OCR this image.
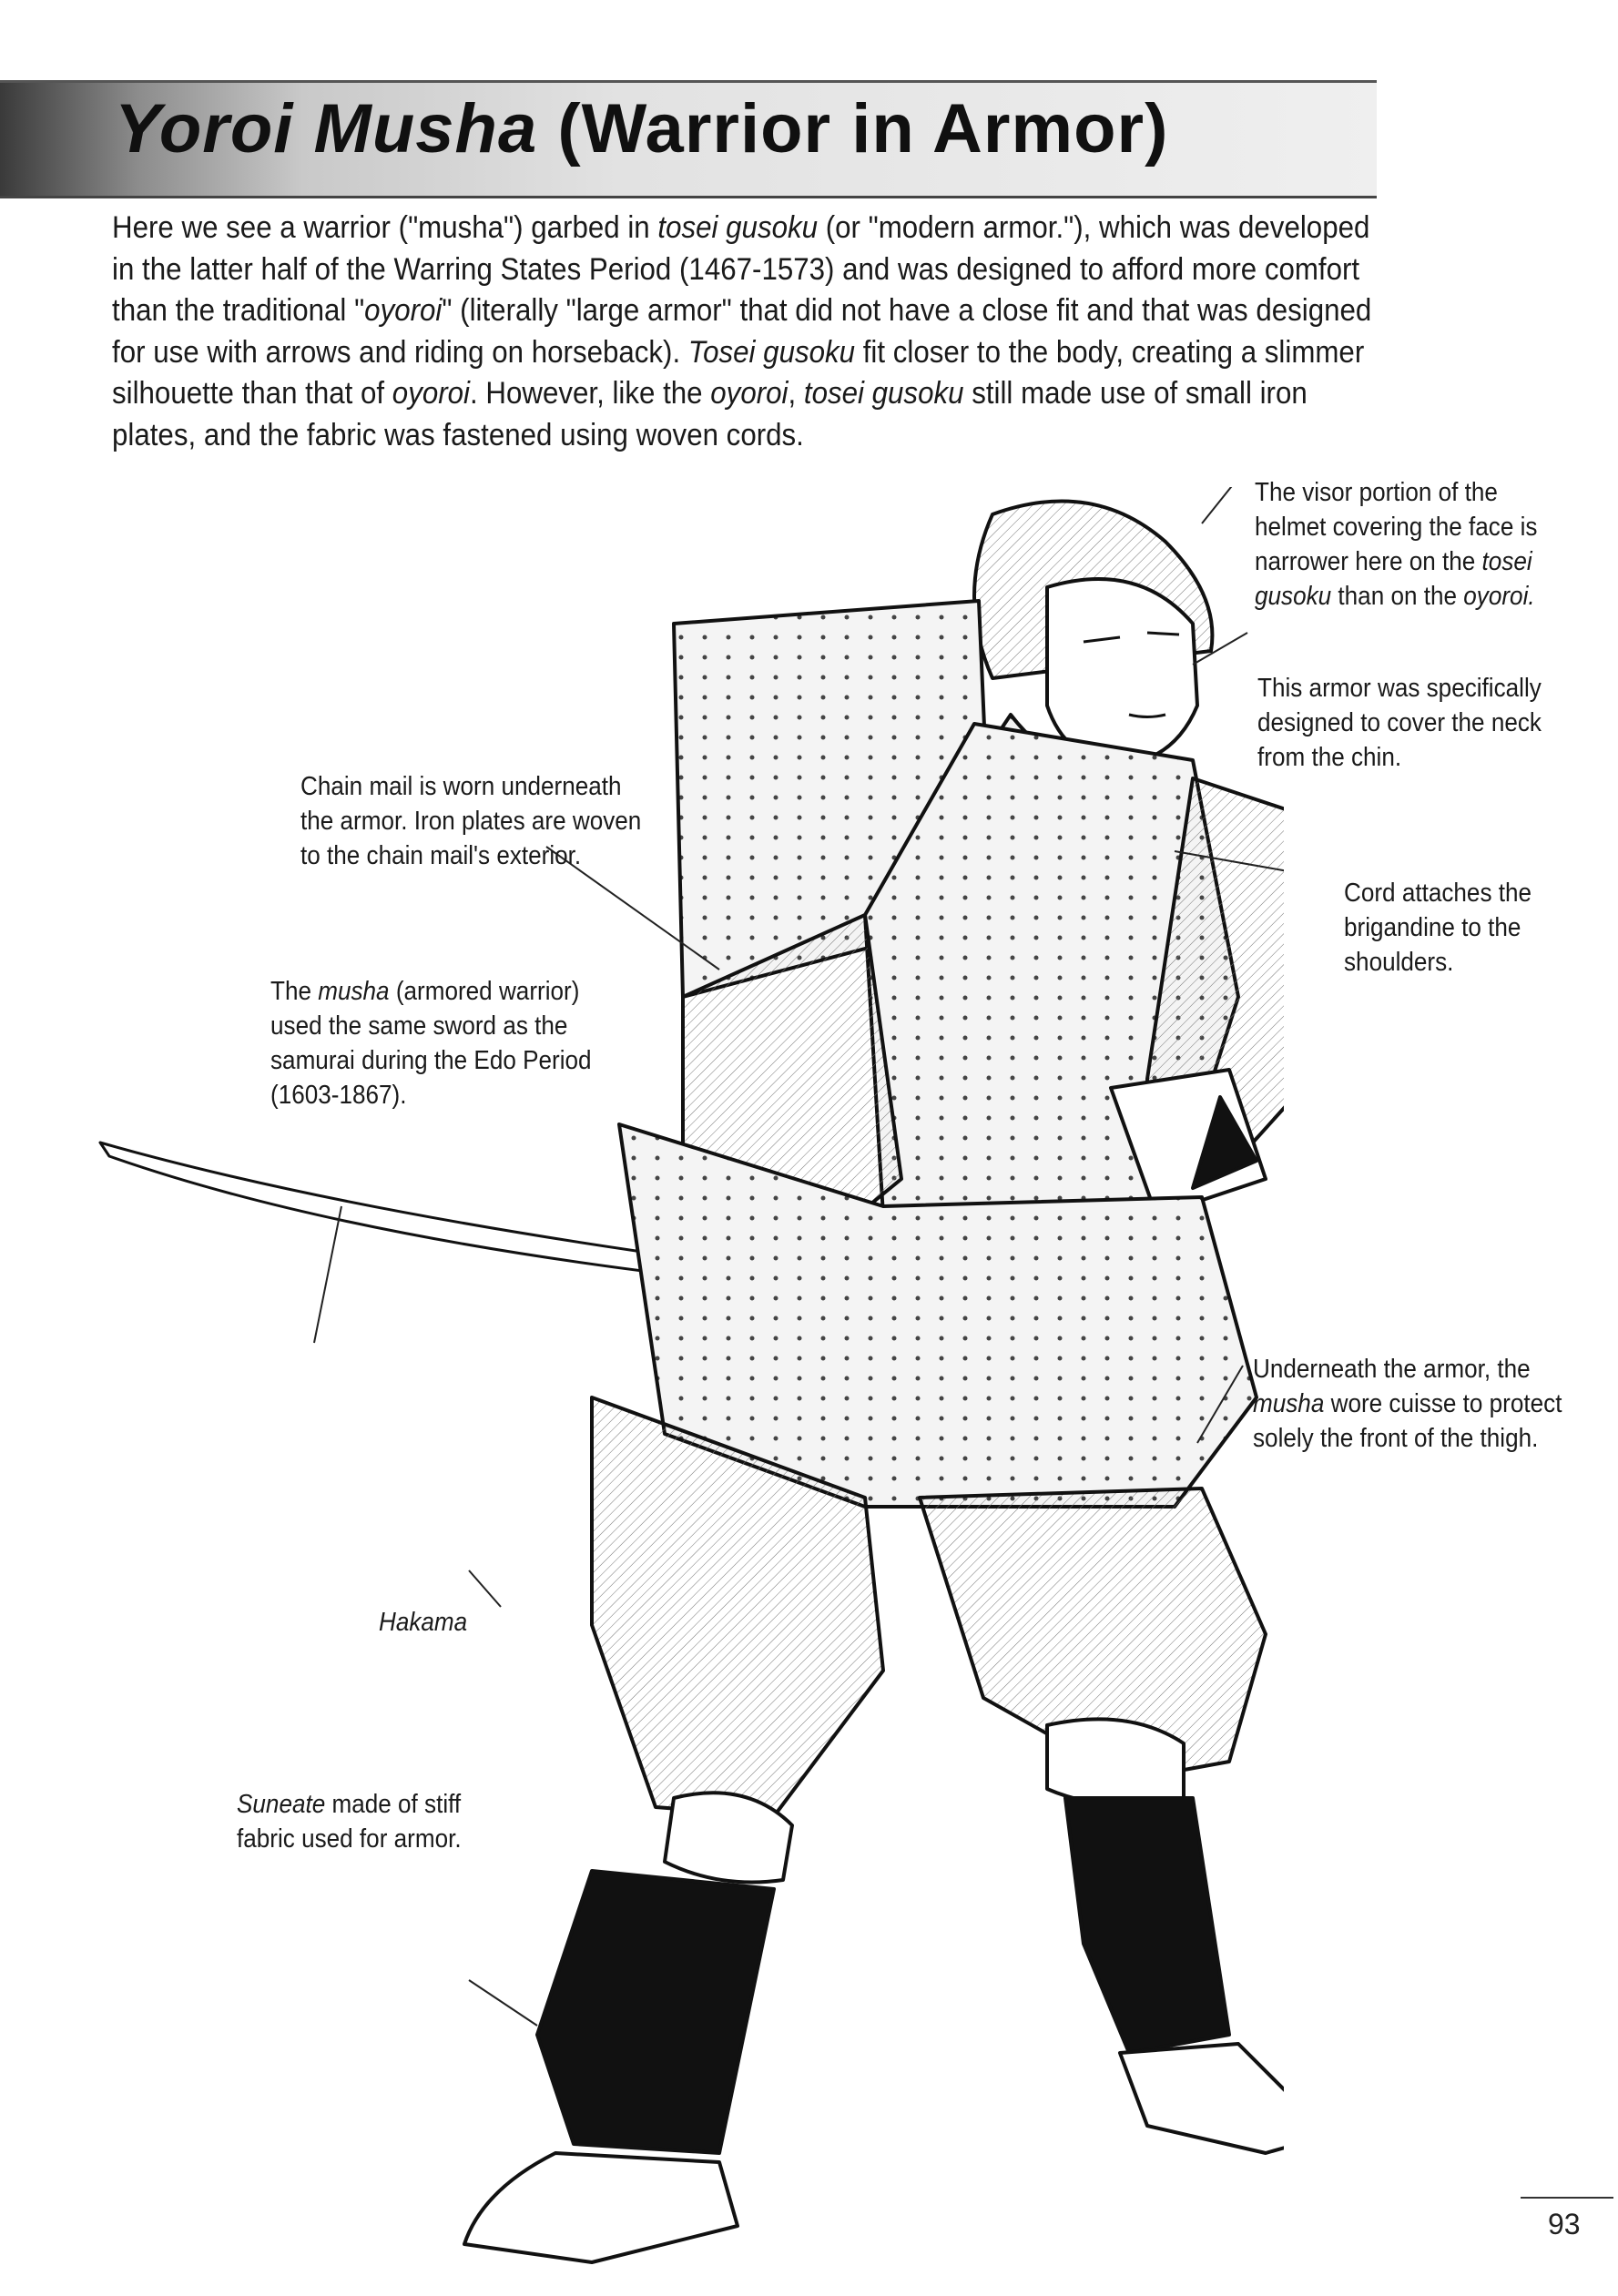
Yoroi Musha (Warrior in Armor)

Here we see a warrior ("musha") garbed in tosei gusoku (or "modern armor."), which was developed in the latter half of the Warring States Period (1467-1573) and was designed to afford more comfort than the traditional "oyoroi" (literally "large armor" that did not have a close fit and that was designed for use with arrows and riding on horseback). Tosei gusoku fit closer to the body, creating a slimmer silhouette than that of oyoroi. However, like the oyoroi, tosei gusoku still made use of small iron plates, and the fabric was fastened using woven cords.

The visor portion of the
helmet covering the face is
narrower here on the tosei
gusoku than on the oyoroi.
This armor was specifically
designed to cover the neck
from the chin.
Cord attaches the
brigandine to the
shoulders.
Chain mail is worn underneath
the armor. Iron plates are woven
to the chain mail's exterior.
The musha (armored warrior)
used the same sword as the
samurai during the Edo Period
(1603-1867).
Underneath the armor, the
musha wore cuisse to protect
solely the front of the thigh.
Hakama
Suneate made of stiff
fabric used for armor.
93
